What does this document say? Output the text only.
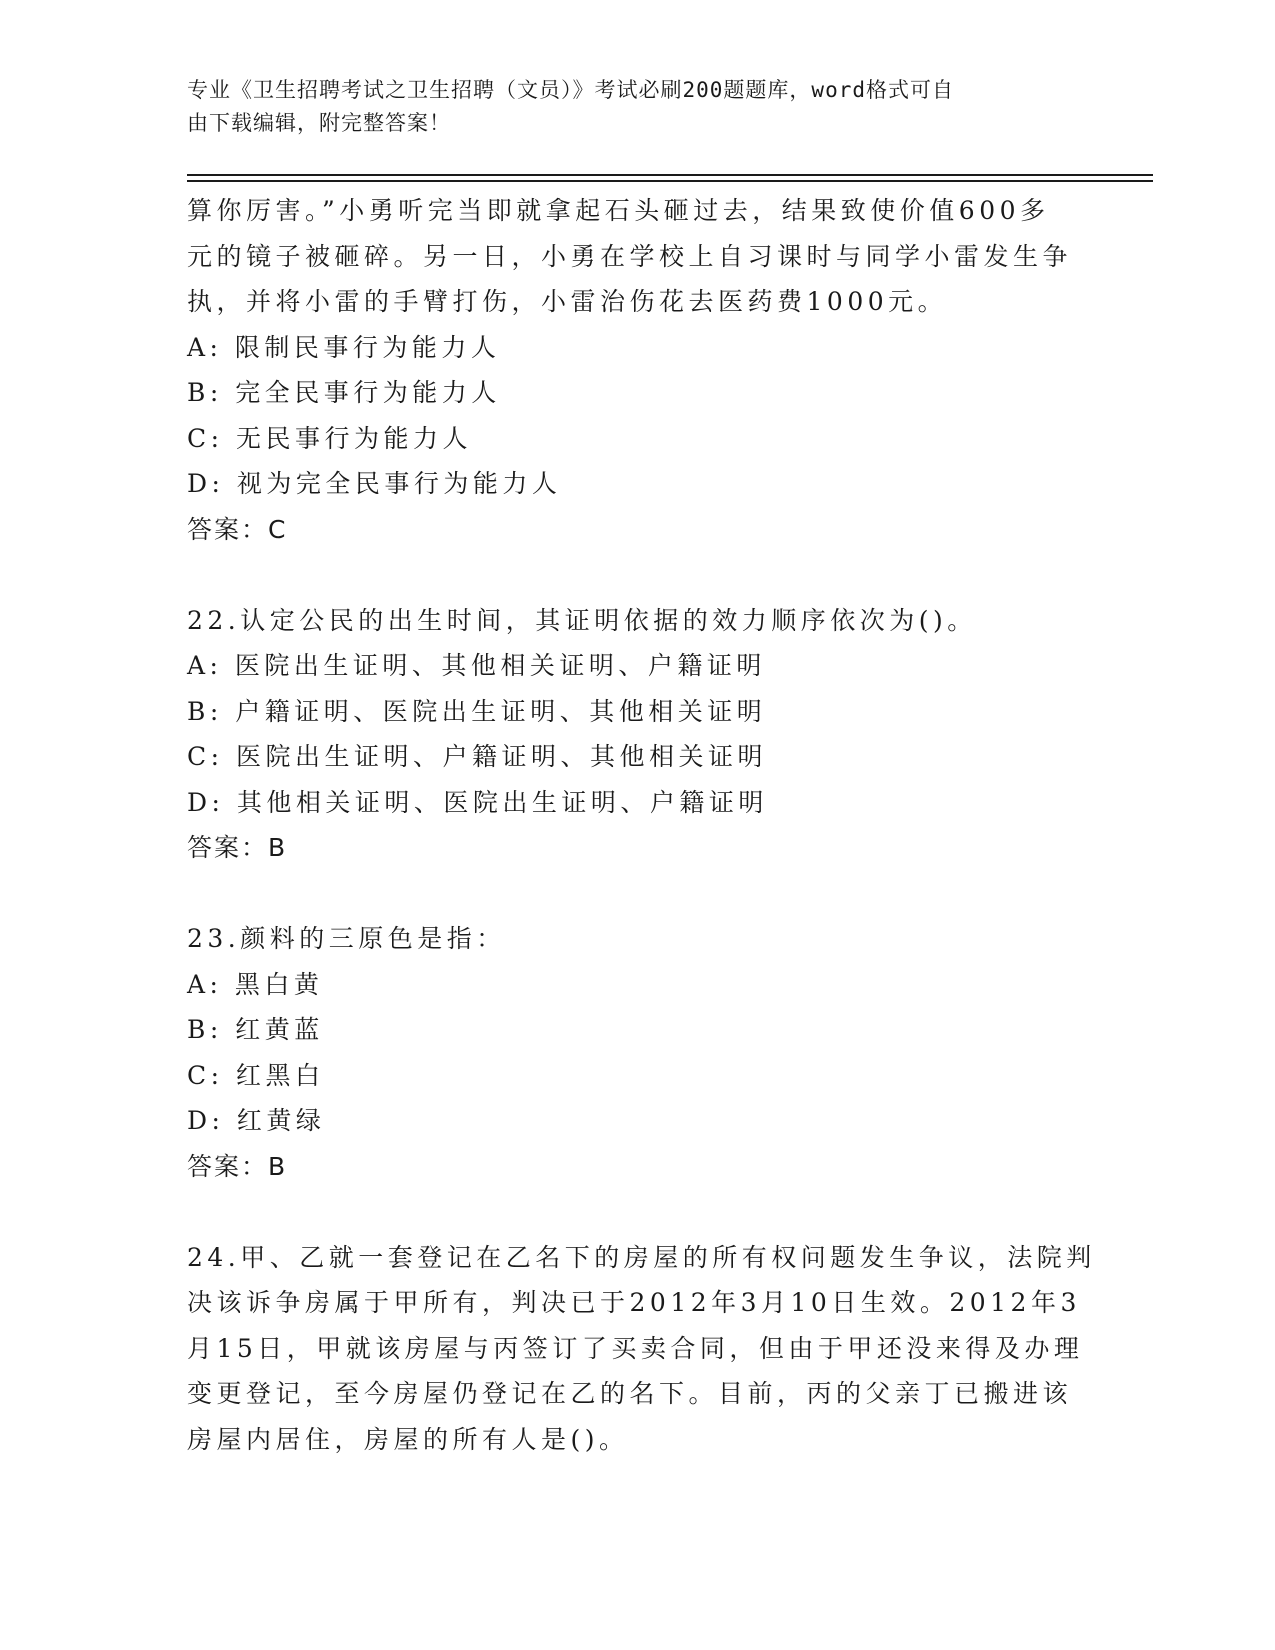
专业《卫生招聘考试之卫生招聘（文员）》考试必刷200题题库，word格式可自
由下载编辑，附完整答案！
算你厉害。”小勇听完当即就拿起石头砸过去，结果致使价值600多
元的镜子被砸碎。另一日，小勇在学校上自习课时与同学小雷发生争
执，并将小雷的手臂打伤，小雷治伤花去医药费1000元。
A: 限制民事行为能力人
B: 完全民事行为能力人
C: 无民事行为能力人
D: 视为完全民事行为能力人
答案：C
22.认定公民的出生时间，其证明依据的效力顺序依次为()。
A: 医院出生证明、其他相关证明、户籍证明
B: 户籍证明、医院出生证明、其他相关证明
C: 医院出生证明、户籍证明、其他相关证明
D: 其他相关证明、医院出生证明、户籍证明
答案：B
23.颜料的三原色是指：
A: 黑白黄
B: 红黄蓝
C: 红黑白
D: 红黄绿
答案：B
24.甲、乙就一套登记在乙名下的房屋的所有权问题发生争议，法院判
决该诉争房属于甲所有，判决已于2012年3月10日生效。2012年3
月15日，甲就该房屋与丙签订了买卖合同，但由于甲还没来得及办理
变更登记，至今房屋仍登记在乙的名下。目前，丙的父亲丁已搬进该
房屋内居住，房屋的所有人是()。
